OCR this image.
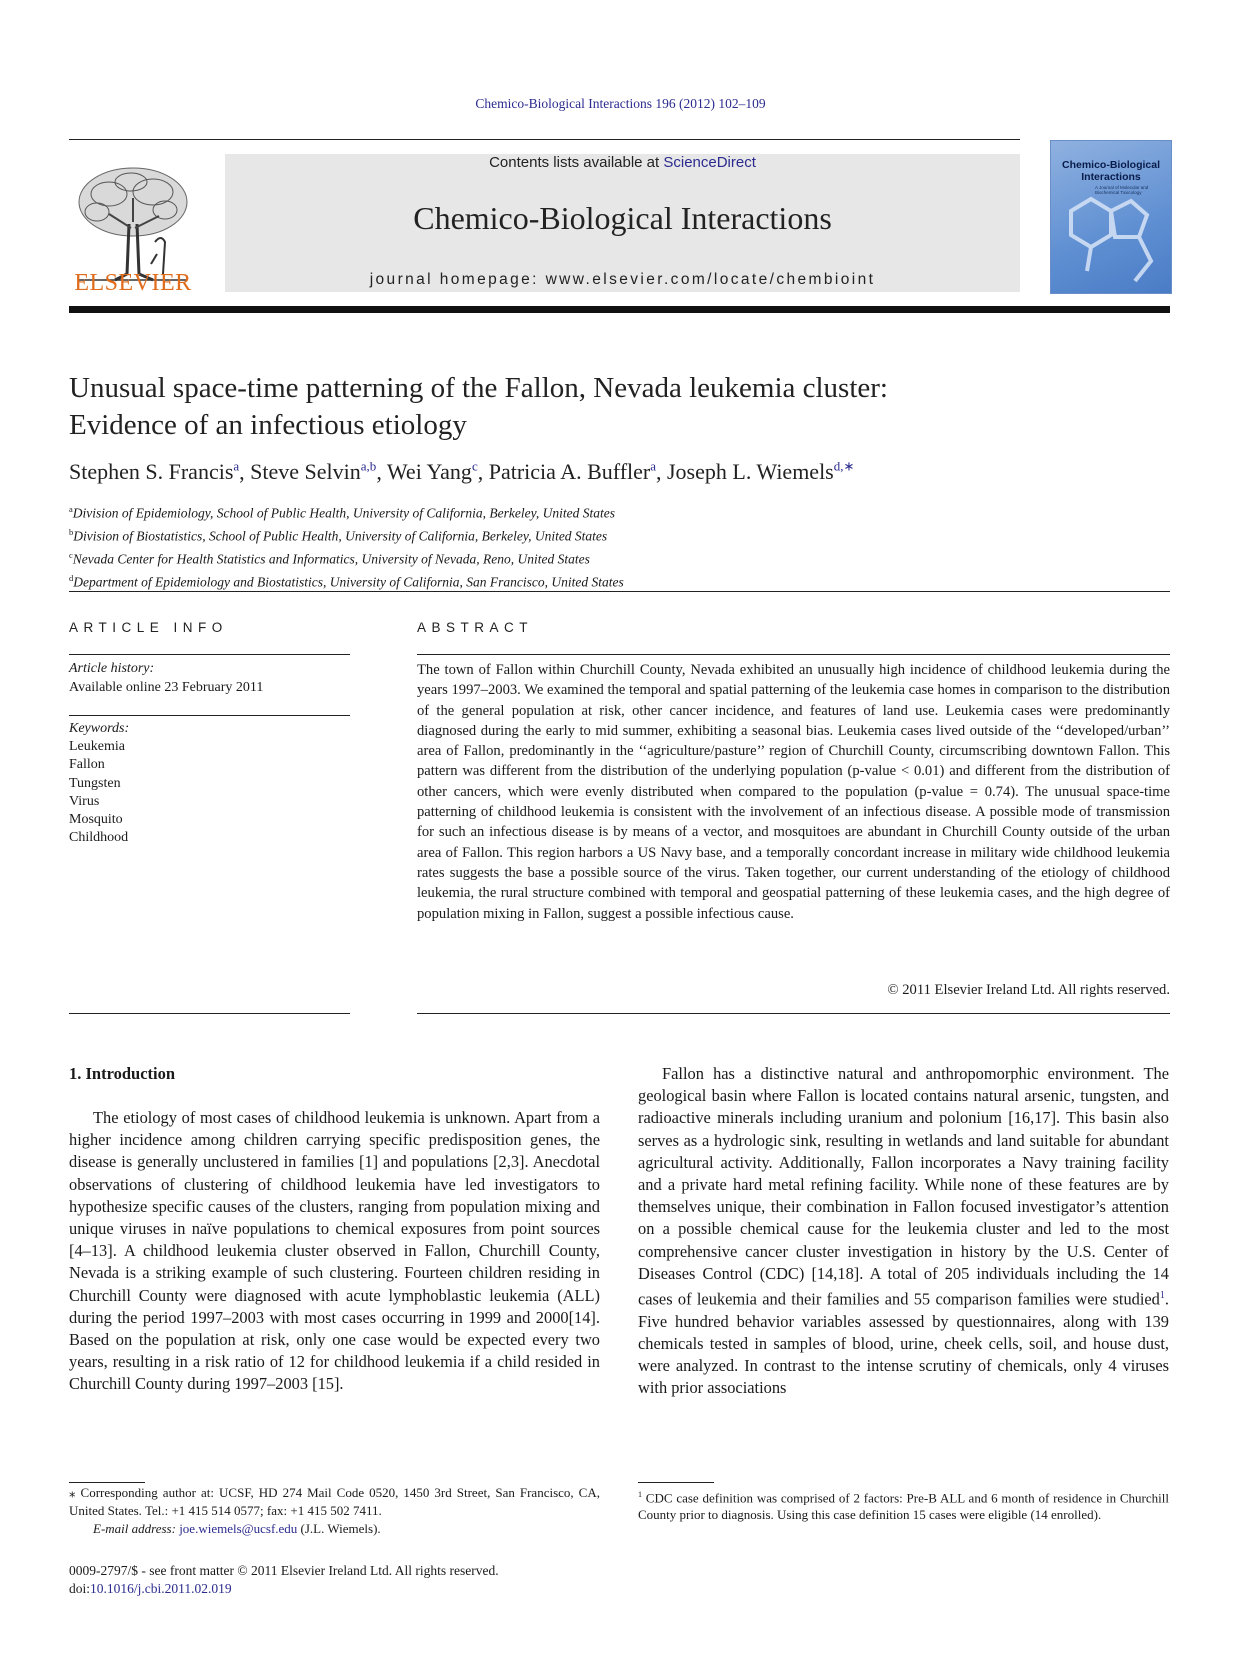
Chemico-Biological Interactions 196 (2012) 102–109
ELSEVIER
Contents lists available at ScienceDirect
Chemico-Biological Interactions
journal homepage: www.elsevier.com/locate/chembioint
Chemico-Biological Interactions
A Journal of Molecular and Biochemical Toxicology
Unusual space-time patterning of the Fallon, Nevada leukemia cluster:
Evidence of an infectious etiology
Stephen S. Francis$^a$, Steve Selvin$^{a,b}$, Wei Yang$^c$, Patricia A. Buffler$^a$, Joseph L. Wiemels$^{d,∗}$
$^a$Division of Epidemiology, School of Public Health, University of California, Berkeley, United States
$^b$Division of Biostatistics, School of Public Health, University of California, Berkeley, United States
$^c$Nevada Center for Health Statistics and Informatics, University of Nevada, Reno, United States
$^d$Department of Epidemiology and Biostatistics, University of California, San Francisco, United States
ARTICLE INFO	ABSTRACT
Article history:
Available online 23 February 2011
Keywords:
Leukemia
Fallon
Tungsten
Virus
Mosquito
Childhood
The town of Fallon within Churchill County, Nevada exhibited an unusually high incidence of childhood leukemia during the years 1997–2003. We examined the temporal and spatial patterning of the leukemia case homes in comparison to the distribution of the general population at risk, other cancer incidence, and features of land use. Leukemia cases were predominantly diagnosed during the early to mid summer, exhibiting a seasonal bias. Leukemia cases lived outside of the ‘‘developed/urban’’ area of Fallon, predominantly in the ‘‘agriculture/pasture’’ region of Churchill County, circumscribing downtown Fallon. This pattern was different from the distribution of the underlying population (p-value < 0.01) and different from the distribution of other cancers, which were evenly distributed when compared to the population (p-value = 0.74). The unusual space-time patterning of childhood leukemia is consistent with the involvement of an infectious disease. A possible mode of transmission for such an infectious disease is by means of a vector, and mosquitoes are abundant in Churchill County outside of the urban area of Fallon. This region harbors a US Navy base, and a temporally concordant increase in military wide childhood leukemia rates suggests the base a possible source of the virus. Taken together, our current understanding of the etiology of childhood leukemia, the rural structure combined with temporal and geospatial patterning of these leukemia cases, and the high degree of population mixing in Fallon, suggest a possible infectious cause.
© 2011 Elsevier Ireland Ltd. All rights reserved.
1. Introduction
The etiology of most cases of childhood leukemia is unknown. Apart from a higher incidence among children carrying specific predisposition genes, the disease is generally unclustered in families [1] and populations [2,3]. Anecdotal observations of clustering of childhood leukemia have led investigators to hypothesize specific causes of the clusters, ranging from population mixing and unique viruses in naïve populations to chemical exposures from point sources [4–13]. A childhood leukemia cluster observed in Fallon, Churchill County, Nevada is a striking example of such clustering. Fourteen children residing in Churchill County were diagnosed with acute lymphoblastic leukemia (ALL) during the period 1997–2003 with most cases occurring in 1999 and 2000[14]. Based on the population at risk, only one case would be expected every two years, resulting in a risk ratio of 12 for childhood leukemia if a child resided in Churchill County during 1997–2003 [15].
Fallon has a distinctive natural and anthropomorphic environment. The geological basin where Fallon is located contains natural arsenic, tungsten, and radioactive minerals including uranium and polonium [16,17]. This basin also serves as a hydrologic sink, resulting in wetlands and land suitable for abundant agricultural activity. Additionally, Fallon incorporates a Navy training facility and a private hard metal refining facility. While none of these features are by themselves unique, their combination in Fallon focused investigator’s attention on a possible chemical cause for the leukemia cluster and led to the most comprehensive cancer cluster investigation in history by the U.S. Center of Diseases Control (CDC) [14,18]. A total of 205 individuals including the 14 cases of leukemia and their families and 55 comparison families were studied$^1$. Five hundred behavior variables assessed by questionnaires, along with 139 chemicals tested in samples of blood, urine, cheek cells, soil, and house dust, were analyzed. In contrast to the intense scrutiny of chemicals, only 4 viruses with prior associations
⁎ Corresponding author at: UCSF, HD 274 Mail Code 0520, 1450 3rd Street, San Francisco, CA, United States. Tel.: +1 415 514 0577; fax: +1 415 502 7411.
E-mail address: joe.wiemels@ucsf.edu (J.L. Wiemels).
$^1$ CDC case definition was comprised of 2 factors: Pre-B ALL and 6 month of residence in Churchill County prior to diagnosis. Using this case definition 15 cases were eligible (14 enrolled).
0009-2797/$ - see front matter © 2011 Elsevier Ireland Ltd. All rights reserved.
doi:10.1016/j.cbi.2011.02.019
